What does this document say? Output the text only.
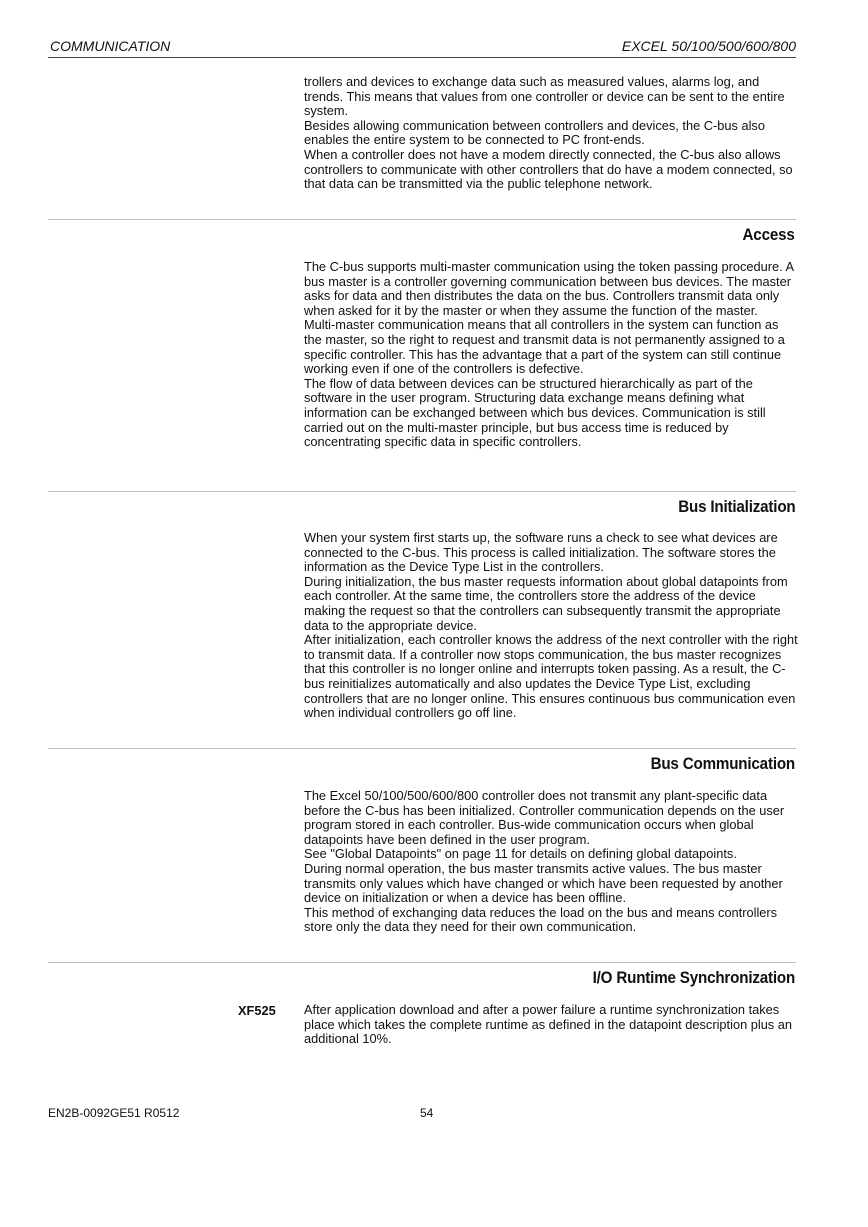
COMMUNICATION	EXCEL 50/100/500/600/800

trollers and devices to exchange data such as measured values, alarms log, and trends. This means that values from one controller or device can be sent to the entire system.

Besides allowing communication between controllers and devices, the C-bus also enables the entire system to be connected to PC front-ends.

When a controller does not have a modem directly connected, the C-bus also allows controllers to communicate with other controllers that do have a modem connected, so that data can be transmitted via the public telephone network.

Access

The C-bus supports multi-master communication using the token passing procedure. A bus master is a controller governing communication between bus devices. The master asks for data and then distributes the data on the bus. Controllers transmit data only when asked for it by the master or when they assume the function of the master.

Multi-master communication means that all controllers in the system can function as the master, so the right to request and transmit data is not permanently assigned to a specific controller. This has the advantage that a part of the system can still continue working even if one of the controllers is defective.

The flow of data between devices can be structured hierarchically as part of the software in the user program. Structuring data exchange means defining what information can be exchanged between which bus devices. Communication is still carried out on the multi-master principle, but bus access time is reduced by concentrating specific data in specific controllers.

Bus Initialization

When your system first starts up, the software runs a check to see what devices are connected to the C-bus. This process is called initialization. The software stores the information as the Device Type List in the controllers.

During initialization, the bus master requests information about global datapoints from each controller. At the same time, the controllers store the address of the device making the request so that the controllers can subsequently transmit the appropriate data to the appropriate device.

After initialization, each controller knows the address of the next controller with the right to transmit data. If a controller now stops communication, the bus master recognizes that this controller is no longer online and interrupts token passing. As a result, the C-bus reinitializes automatically and also updates the Device Type List, excluding controllers that are no longer online. This ensures continuous bus communication even when individual controllers go off line.

Bus Communication

The Excel 50/100/500/600/800 controller does not transmit any plant-specific data before the C-bus has been initialized. Controller communication depends on the user program stored in each controller. Bus-wide communication occurs when global datapoints have been defined in the user program.

See "Global Datapoints" on page 11 for details on defining global datapoints.

During normal operation, the bus master transmits active values. The bus master transmits only values which have changed or which have been requested by another device on initialization or when a device has been offline.

This method of exchanging data reduces the load on the bus and means controllers store only the data they need for their own communication.

I/O Runtime Synchronization
XF525 After application download and after a power failure a runtime synchronization takes place which takes the complete runtime as defined in the datapoint description plus an additional 10%.

EN2B-0092GE51 R0512	54
